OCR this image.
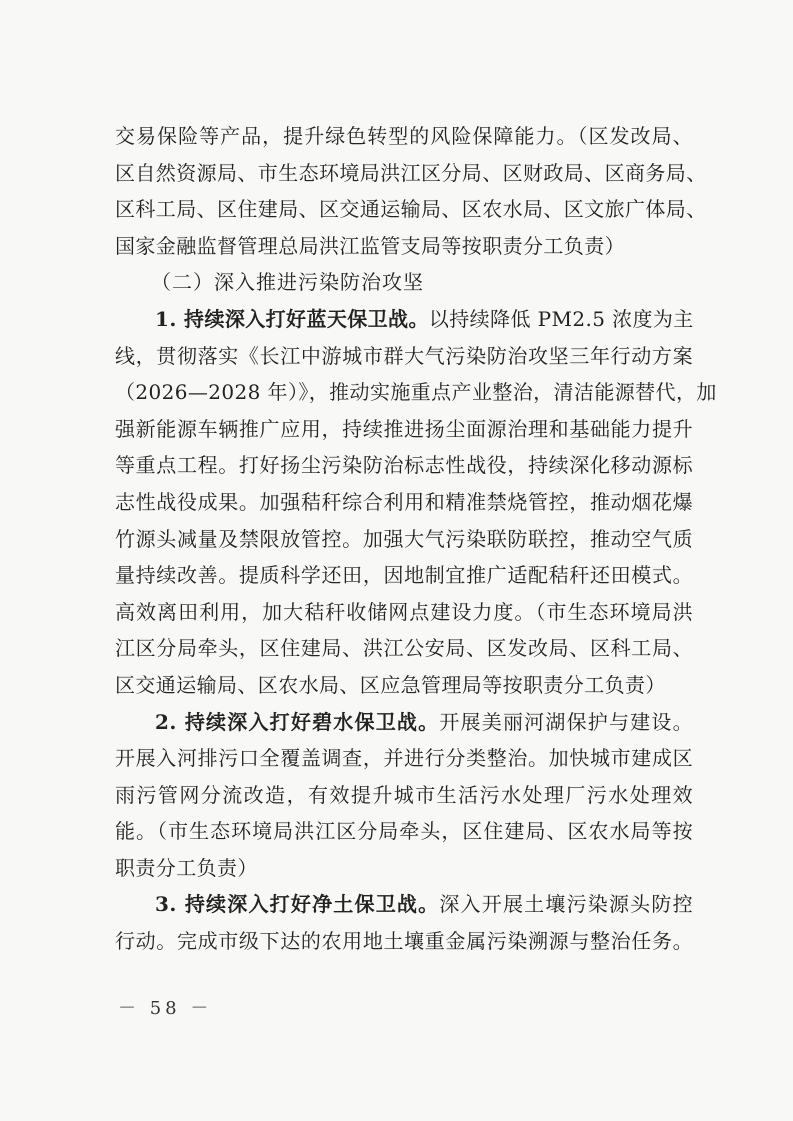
交易保险等产品，提升绿色转型的风险保障能力。（区发改局、
区自然资源局、市生态环境局洪江区分局、区财政局、区商务局、
区科工局、区住建局、区交通运输局、区农水局、区文旅广体局、
国家金融监督管理总局洪江监管支局等按职责分工负责）
（二）深入推进污染防治攻坚
1. 持续深入打好蓝天保卫战。以持续降低 PM2.5 浓度为主
线，贯彻落实《长江中游城市群大气污染防治攻坚三年行动方案
（2026—2028 年）》，推动实施重点产业整治，清洁能源替代，加
强新能源车辆推广应用，持续推进扬尘面源治理和基础能力提升
等重点工程。打好扬尘污染防治标志性战役，持续深化移动源标
志性战役成果。加强秸秆综合利用和精准禁烧管控，推动烟花爆
竹源头减量及禁限放管控。加强大气污染联防联控，推动空气质
量持续改善。提质科学还田，因地制宜推广适配秸秆还田模式。
高效离田利用，加大秸秆收储网点建设力度。（市生态环境局洪
江区分局牵头，区住建局、洪江公安局、区发改局、区科工局、
区交通运输局、区农水局、区应急管理局等按职责分工负责）
2. 持续深入打好碧水保卫战。开展美丽河湖保护与建设。
开展入河排污口全覆盖调查，并进行分类整治。加快城市建成区
雨污管网分流改造，有效提升城市生活污水处理厂污水处理效
能。（市生态环境局洪江区分局牵头，区住建局、区农水局等按
职责分工负责）
3. 持续深入打好净土保卫战。深入开展土壤污染源头防控
行动。完成市级下达的农用地土壤重金属污染溯源与整治任务。
－ 58 －
